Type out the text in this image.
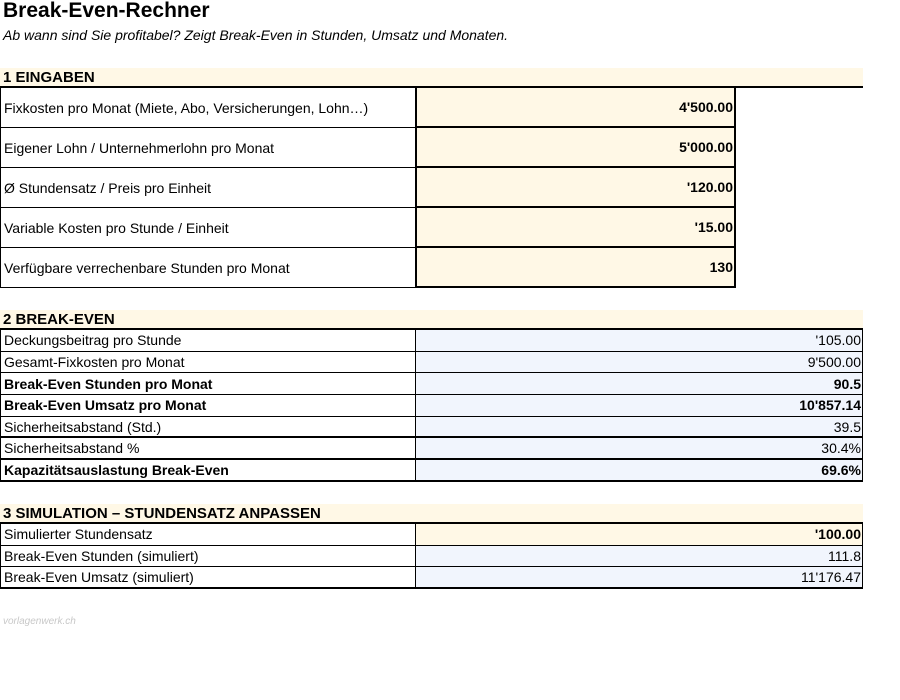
Break-Even-Rechner
Ab wann sind Sie profitabel? Zeigt Break-Even in Stunden, Umsatz und Monaten.
1 EINGABEN
Fixkosten pro Monat (Miete, Abo, Versicherungen, Lohn…)	4'500.00
Eigener Lohn / Unternehmerlohn pro Monat	5'000.00
Ø Stundensatz / Preis pro Einheit	'120.00
Variable Kosten pro Stunde / Einheit	'15.00
Verfügbare verrechenbare Stunden pro Monat	130
2 BREAK-EVEN
Deckungsbeitrag pro Stunde	'105.00
Gesamt-Fixkosten pro Monat	9'500.00
Break-Even Stunden pro Monat	90.5
Break-Even Umsatz pro Monat	10'857.14
Sicherheitsabstand (Std.)	39.5
Sicherheitsabstand %	30.4%
Kapazitätsauslastung Break-Even	69.6%
3 SIMULATION – STUNDENSATZ ANPASSEN
Simulierter Stundensatz	'100.00
Break-Even Stunden (simuliert)	111.8
Break-Even Umsatz (simuliert)	11'176.47
vorlagenwerk.ch
